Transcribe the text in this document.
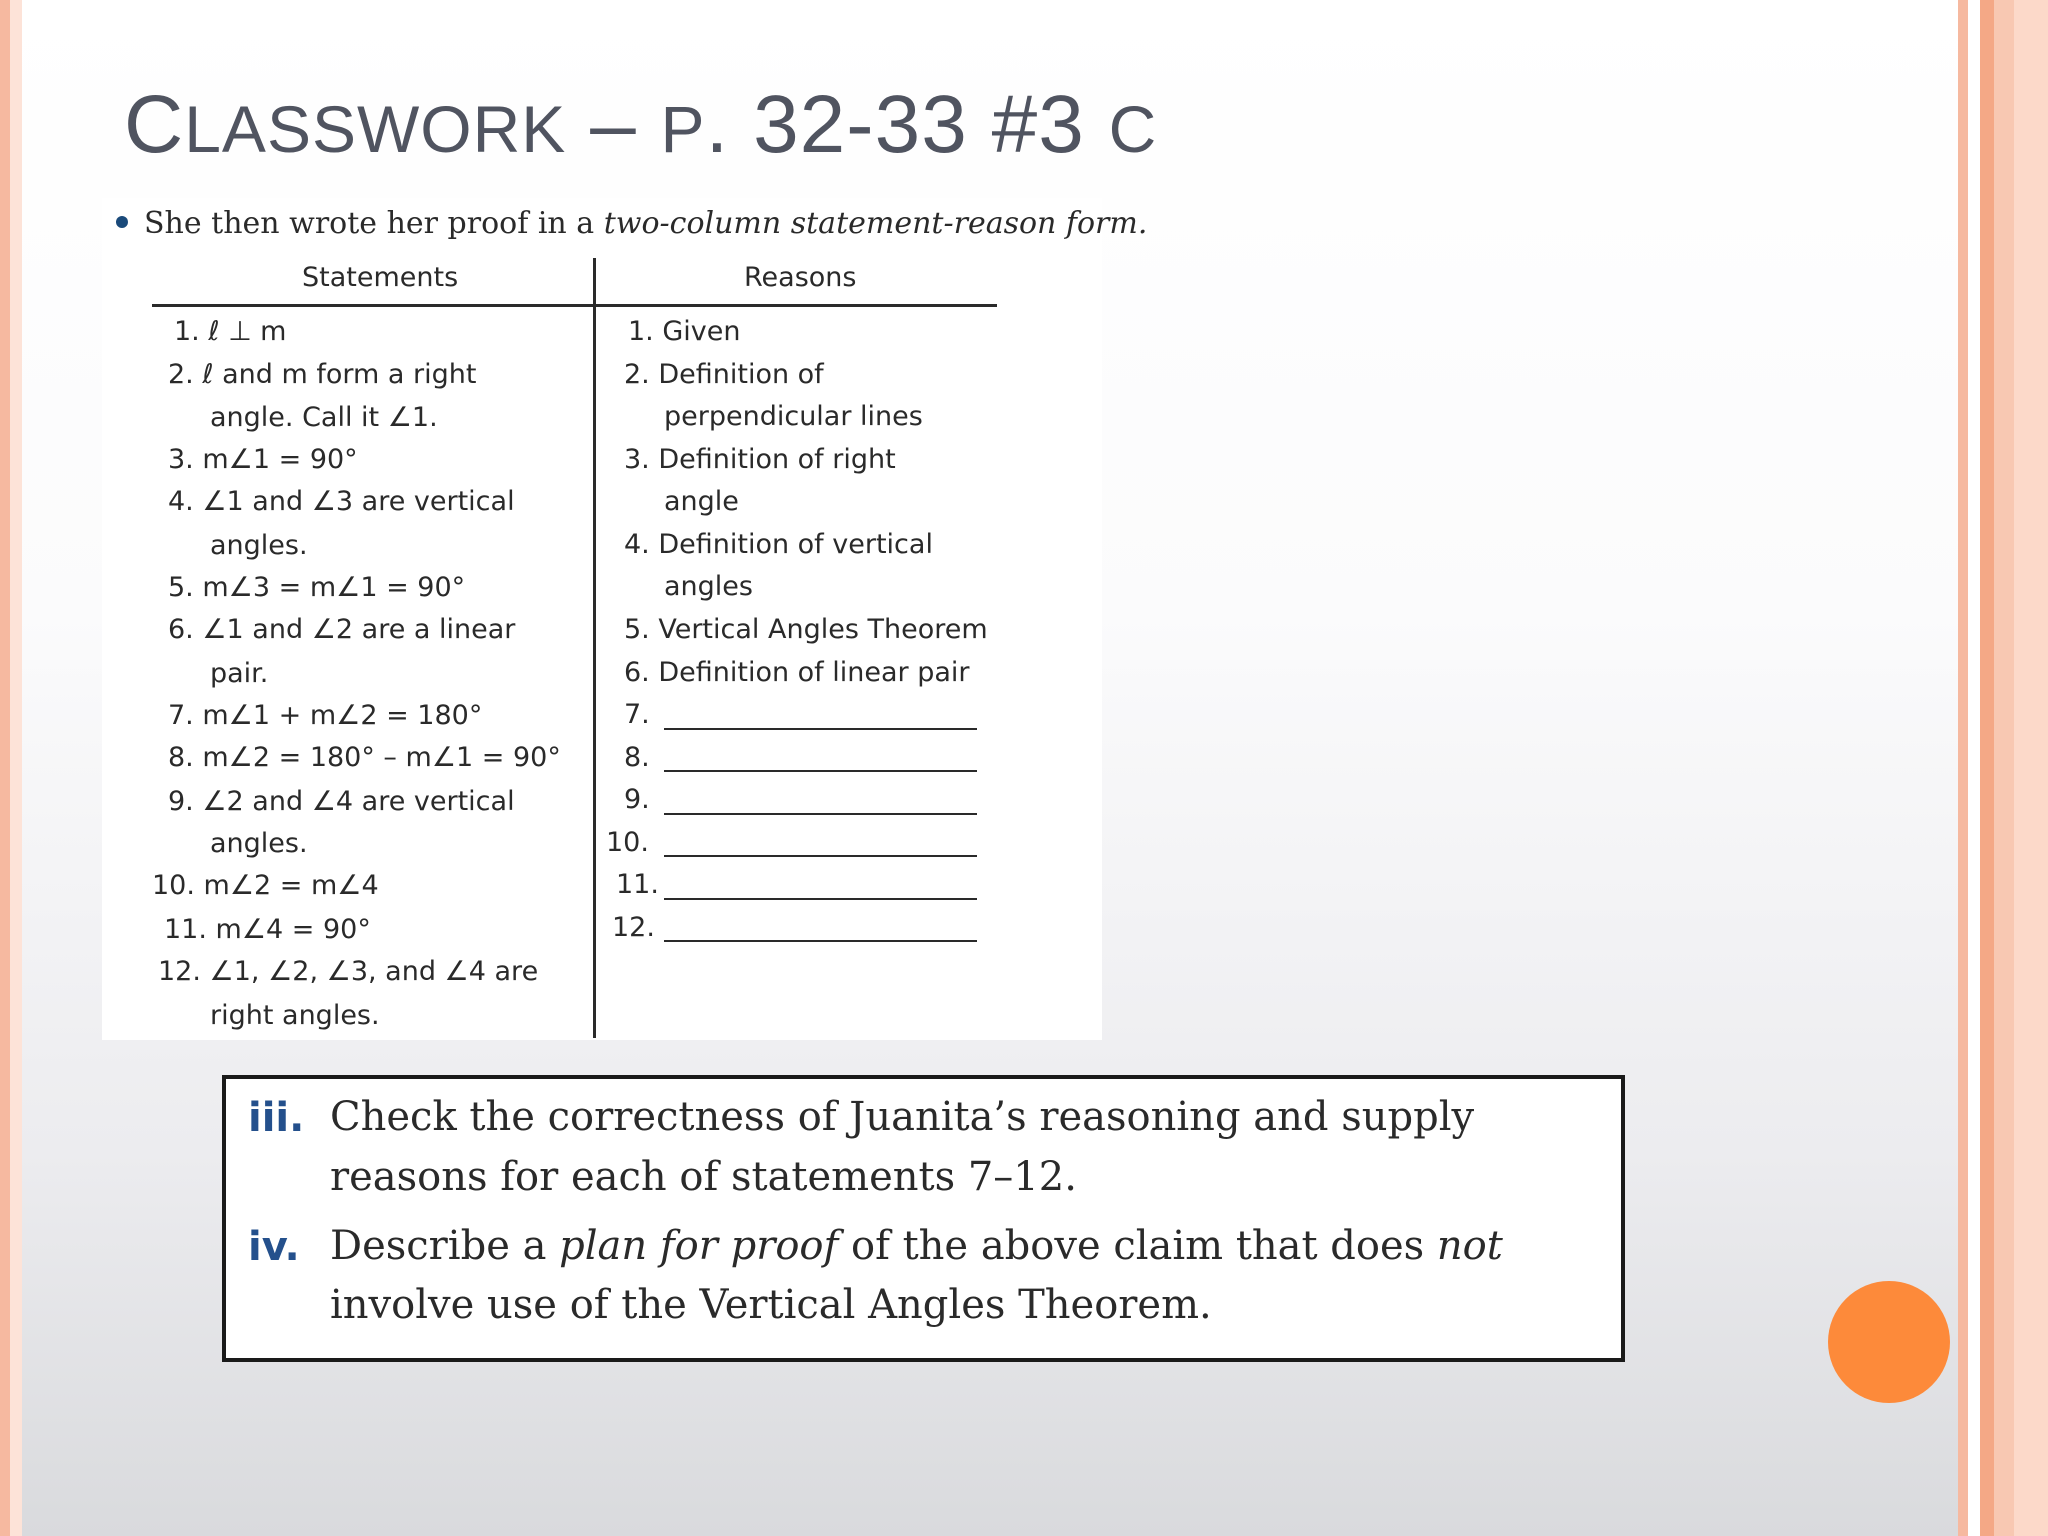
CLASSWORK – P. 32-33 #3 C
She then wrote her proof in a two-column statement-reason form.
Statements	Reasons
1. ℓ ⊥ m
2. ℓ and m form a right
angle. Call it ∠1.
3. m∠1 = 90°
4. ∠1 and ∠3 are vertical
angles.
5. m∠3 = m∠1 = 90°
6. ∠1 and ∠2 are a linear
pair.
7. m∠1 + m∠2 = 180°
8. m∠2 = 180° – m∠1 = 90°
9. ∠2 and ∠4 are vertical
angles.
10. m∠2 = m∠4
11. m∠4 = 90°
12. ∠1, ∠2, ∠3, and ∠4 are
right angles.
1. Given
2. Definition of
perpendicular lines
3. Definition of right
angle
4. Definition of vertical
angles
5. Vertical Angles Theorem
6. Definition of linear pair
7.
8.
9.
10.
11.
12.
iii. Check the correctness of Juanita’s reasoning and supply
reasons for each of statements 7–12.
iv. Describe a plan for proof of the above claim that does not
involve use of the Vertical Angles Theorem.
